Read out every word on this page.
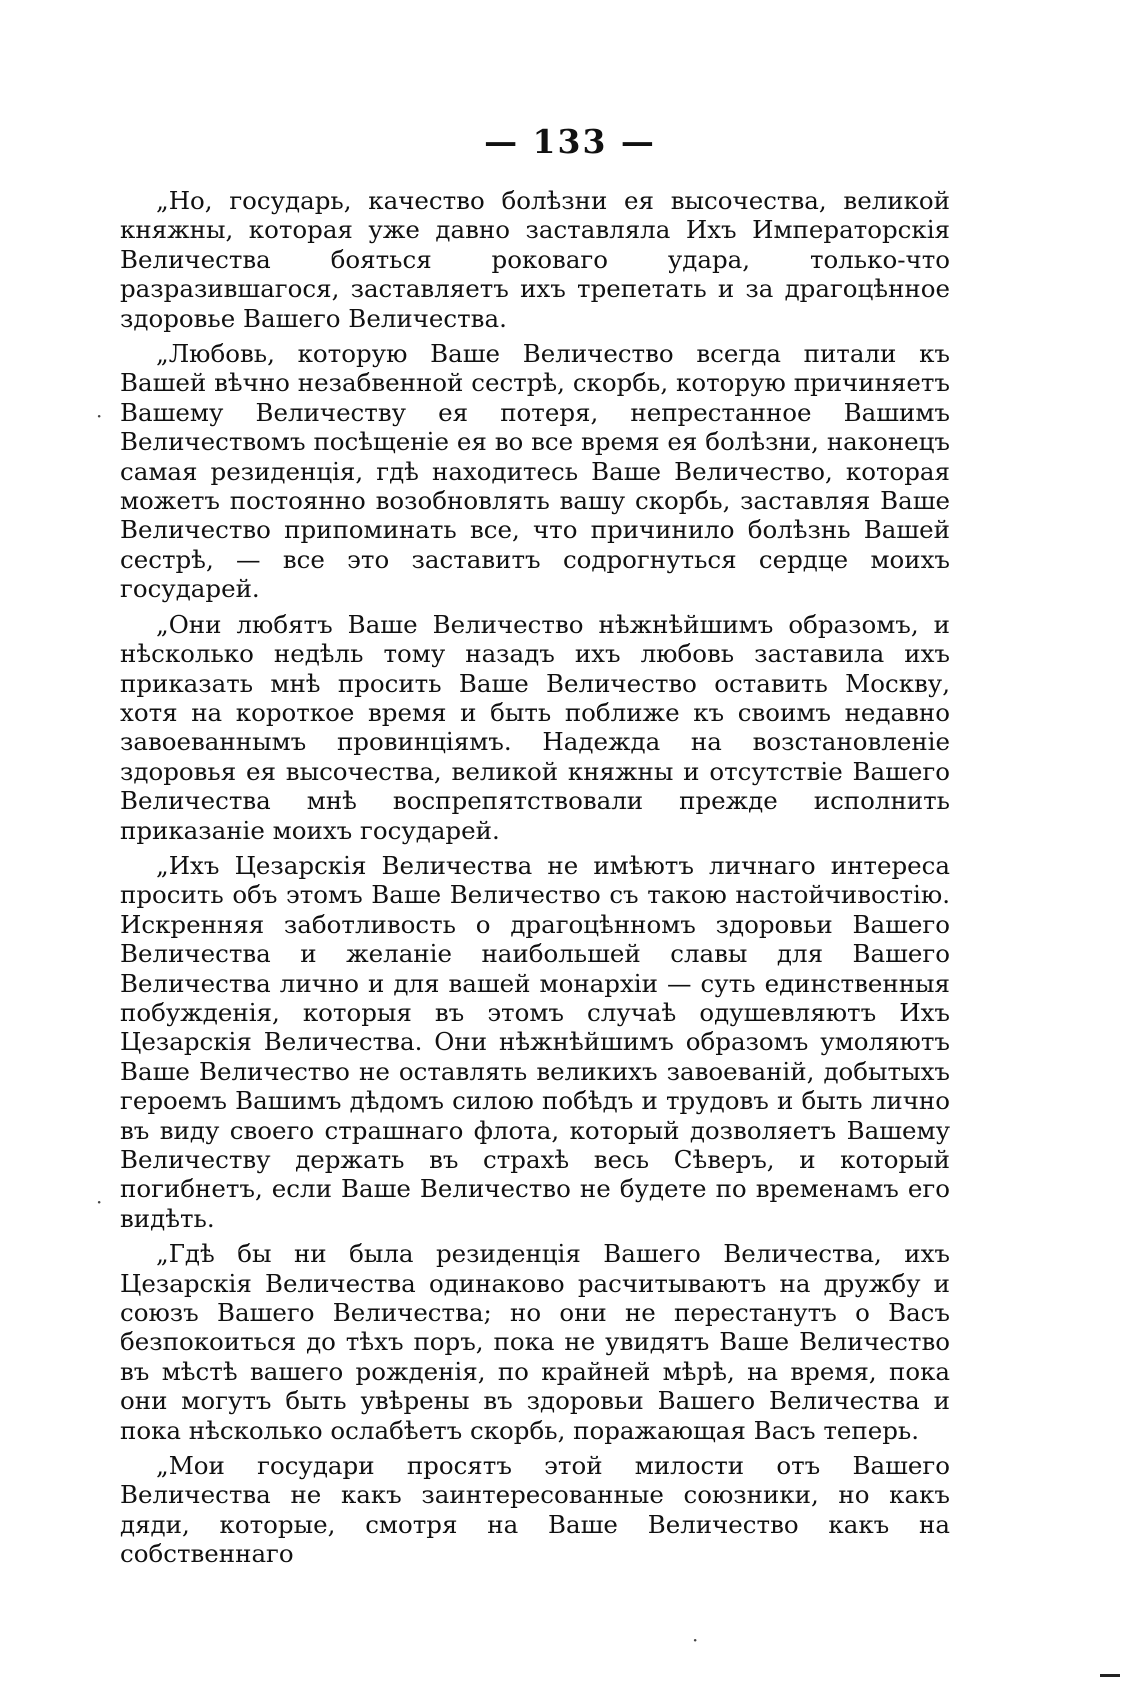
— 133 —

„Но, государь, качество болѣзни ея высочества, великой княжны, которая уже давно заставляла Ихъ Императорскія Величества бояться роковаго удара, только-что разразившагося, заставляетъ ихъ трепетать и за драгоцѣнное здоровье Вашего Величества.

„Любовь, которую Ваше Величество всегда питали къ Вашей вѣчно незабвенной сестрѣ, скорбь, которую причиняетъ Вашему Величеству ея потеря, непрестанное Вашимъ Величествомъ посѣщеніе ея во все время ея болѣзни, наконецъ самая резиденція, гдѣ находитесь Ваше Величество, которая можетъ постоянно возобновлять вашу скорбь, заставляя Ваше Величество припоминать все, что причинило болѣзнь Вашей сестрѣ, — все это заставитъ содрогнуться сердце моихъ государей.

„Они любятъ Ваше Величество нѣжнѣйшимъ образомъ, и нѣсколько недѣль тому назадъ ихъ любовь заставила ихъ приказать мнѣ просить Ваше Величество оставить Москву, хотя на короткое время и быть поближе къ своимъ недавно завоеваннымъ провинціямъ. Надежда на возстановленіе здоровья ея высочества, великой княжны и отсутствіе Вашего Величества мнѣ воспрепятствовали прежде исполнить приказаніе моихъ государей.

„Ихъ Цезарскія Величества не имѣютъ личнаго интереса просить объ этомъ Ваше Величество съ такою настойчивостію. Искренняя заботливость о драгоцѣнномъ здоровьи Вашего Величества и желаніе наибольшей славы для Вашего Величества лично и для вашей монархіи — суть единственныя побужденія, которыя въ этомъ случаѣ одушевляютъ Ихъ Цезарскія Величества. Они нѣжнѣйшимъ образомъ умоляютъ Ваше Величество не оставлять великихъ завоеваній, добытыхъ героемъ Вашимъ дѣдомъ силою побѣдъ и трудовъ и быть лично въ виду своего страшнаго флота, который дозволяетъ Вашему Величеству держать въ страхѣ весь Сѣверъ, и который погибнетъ, если Ваше Величество не будете по временамъ его видѣть.

„Гдѣ бы ни была резиденція Вашего Величества, ихъ Цезарскія Величества одинаково расчитываютъ на дружбу и союзъ Вашего Величества; но они не перестанутъ о Васъ безпокоиться до тѣхъ поръ, пока не увидятъ Ваше Величество въ мѣстѣ вашего рожденія, по крайней мѣрѣ, на время, пока они могутъ быть увѣрены въ здоровьи Вашего Величества и пока нѣсколько ослабѣетъ скорбь, поражающая Васъ теперь.

„Мои государи просятъ этой милости отъ Вашего Величества не какъ заинтересованные союзники, но какъ дяди, которые, смотря на Ваше Величество какъ на собственнаго

·
·
·
